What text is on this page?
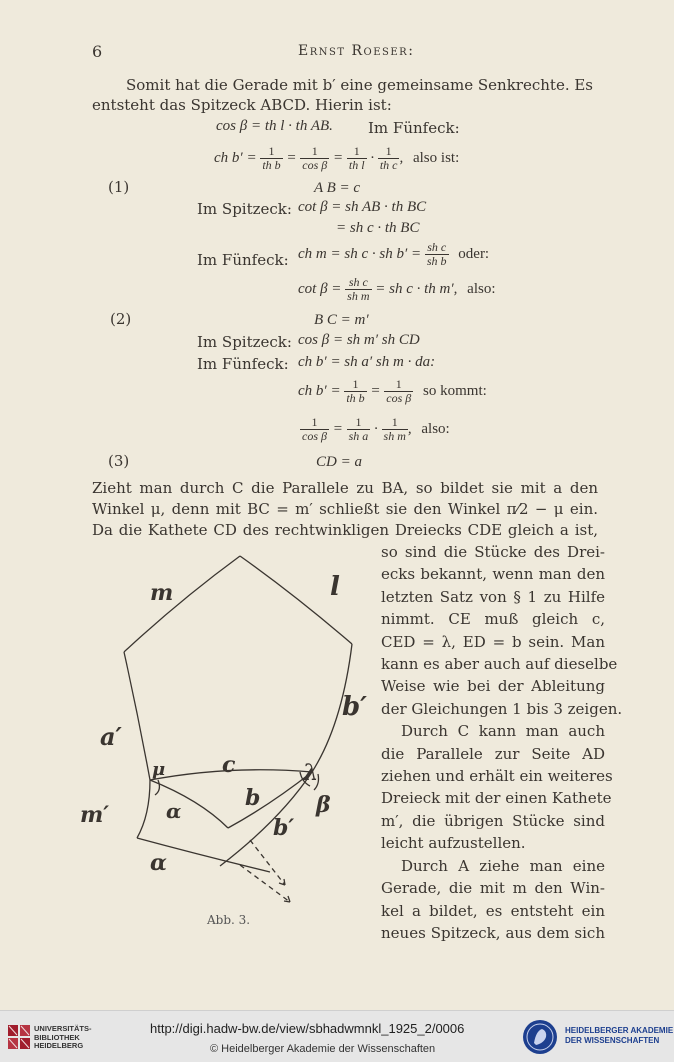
6	Ernst Roeser:
Somit hat die Gerade mit b′ eine gemeinsame Senkrechte. Es
entsteht das Spitzeck ABCD. Hierin ist:
cos β = th l · th AB. Im Fünfeck:
ch $b' = \frac{1}{\text{th b}} = \frac{1}{\text{cos β}} = \frac{1}{\text{th l}} \cdot \frac{1}{\text{th c}}$ , also ist:
(1)	A B = c
Im Spitzeck: cot β = sh AB · th BC
= sh c · th BC
Im Fünfeck: ch m = sh c · sh $b' = \frac{\text{sh c}}{\text{sh b}}$ oder:
$\cot \beta = \frac{\text{sh c}}{\text{sh m}}$ = sh c · th m′, also:
(2)	B C = m′
Im Spitzeck: cos β = sh m′ sh CD
Im Fünfeck: ch b′ = sh a′ sh m · da:
ch $b' = \frac{1}{\text{th b}} = \frac{1}{\text{cos β}}$ so kommt:
$\frac{1}{\text{cos β}} = \frac{1}{\text{sh a}} \cdot \frac{1}{\text{sh m}}$ , also:
(3)	CD = a
Zieht man durch C die Parallele zu BA, so bildet sie mit a den
Winkel μ, denn mit BC = m′ schließt sie den Winkel π⁄2 − μ ein.
Da die Kathete CD des rechtwinkligen Dreiecks CDE gleich a ist,
so sind die Stücke des Drei-
ecks bekannt, wenn man den
letzten Satz von § 1 zu Hilfe
nimmt. CE muß gleich c,
CED = λ, ED = b sein. Man
kann es aber auch auf dieselbe
Weise wie bei der Ableitung
der Gleichungen 1 bis 3 zeigen.
Durch C kann man auch
die Parallele zur Seite AD
ziehen und erhält ein weiteres
Dreieck mit der einen Kathete
m′, die übrigen Stücke sind
leicht aufzustellen.
Durch A ziehe man eine
Gerade, die mit m den Win-
kel a bildet, es entsteht ein
neues Spitzeck, aus dem sich
m	l
b′
a′
μ	c	λ
m′	α	b	β
b′
α
Abb. 3.
UNIVERSITÄTS-
BIBLIOTHEK
HEIDELBERG
http://digi.hadw-bw.de/view/sbhadwmnkl_1925_2/0006
© Heidelberger Akademie der Wissenschaften
HEIDELBERGER AKADEMIE
DER WISSENSCHAFTEN
